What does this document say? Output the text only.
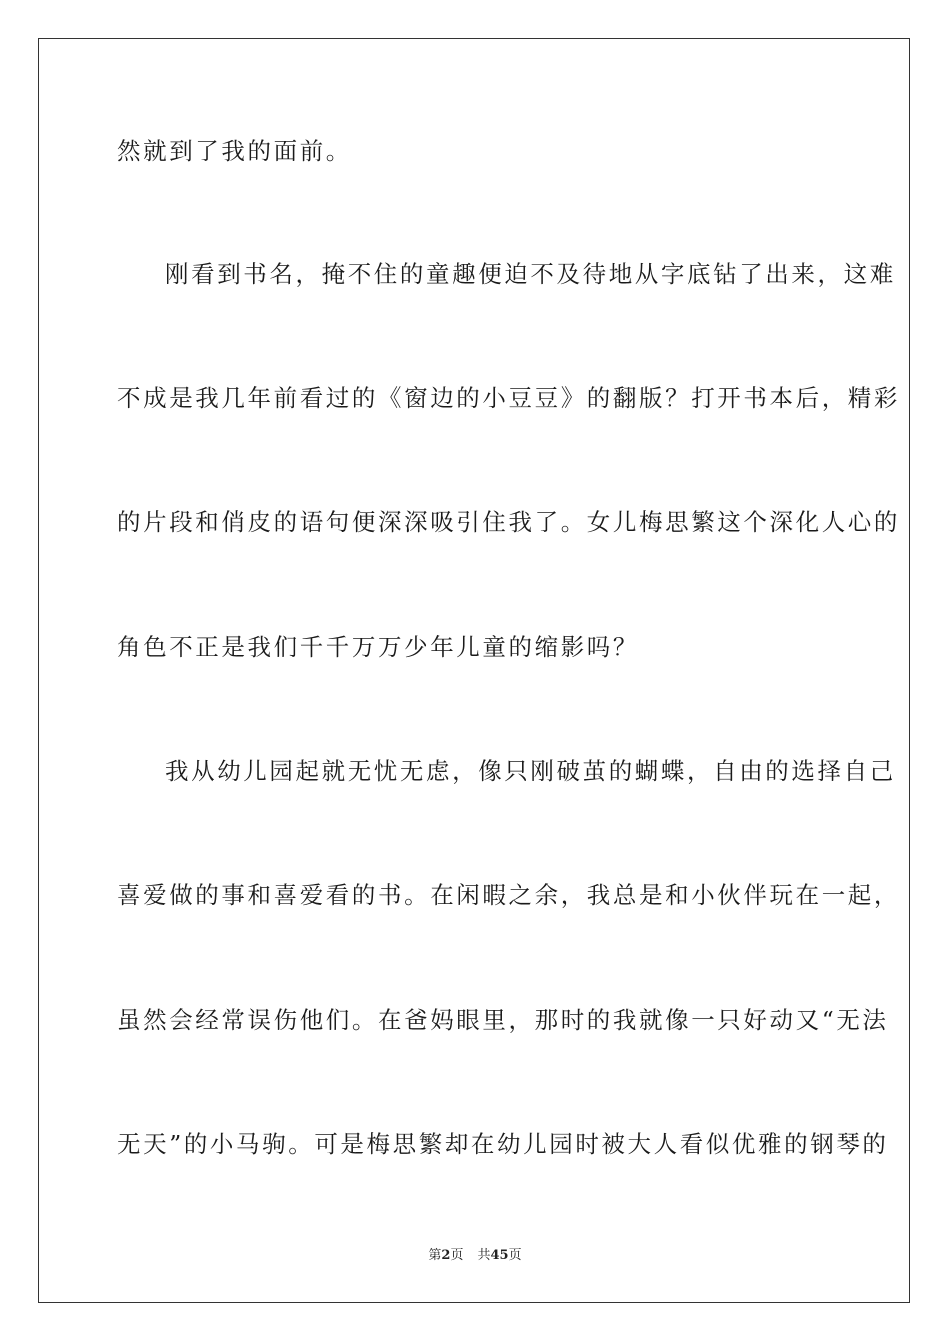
然就到了我的面前。
刚看到书名，掩不住的童趣便迫不及待地从字底钻了出来，这难
不成是我几年前看过的《窗边的小豆豆》的翻版？打开书本后，精彩
的片段和俏皮的语句便深深吸引住我了。女儿梅思繁这个深化人心的
角色不正是我们千千万万少年儿童的缩影吗？
我从幼儿园起就无忧无虑，像只刚破茧的蝴蝶，自由的选择自己
喜爱做的事和喜爱看的书。在闲暇之余，我总是和小伙伴玩在一起，
虽然会经常误伤他们。在爸妈眼里，那时的我就像一只好动又“无法
无天”的小马驹。可是梅思繁却在幼儿园时被大人看似优雅的钢琴的
第2页 共45页
